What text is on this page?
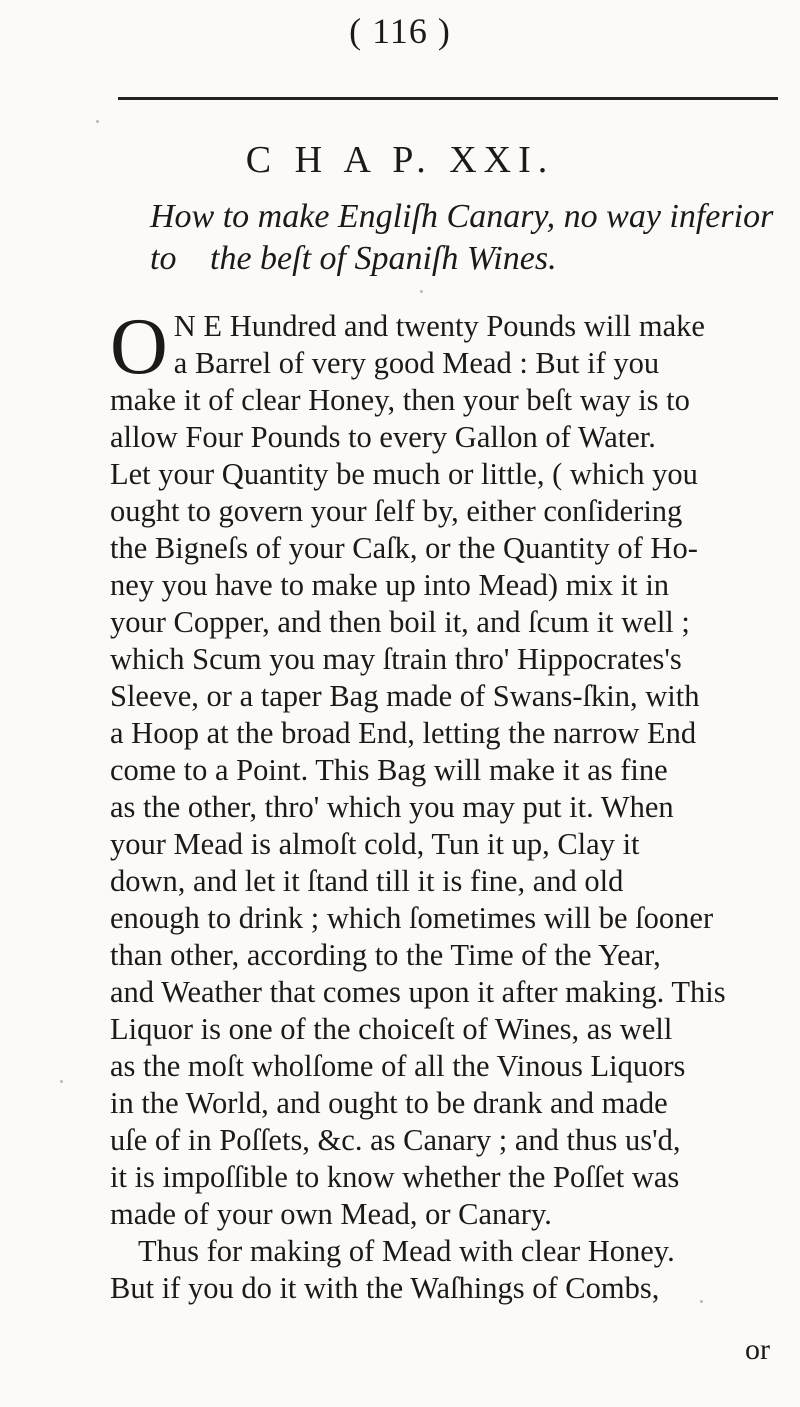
( 116 )
C H A P. XXI.
How to make Engliſh Canary, no way inferior to the beſt of Spaniſh Wines.

O N E Hundred and twenty Pounds will make
a Barrel of very good Mead : But if you
make it of clear Honey, then your beſt way is to
allow Four Pounds to every Gallon of Water.
Let your Quantity be much or little, ( which you
ought to govern your ſelf by, either conſidering
the Bigneſs of your Caſk, or the Quantity of Ho-
ney you have to make up into Mead) mix it in
your Copper, and then boil it, and ſcum it well ;
which Scum you may ſtrain thro' Hippocrates's
Sleeve, or a taper Bag made of Swans-ſkin, with
a Hoop at the broad End, letting the narrow End
come to a Point. This Bag will make it as fine
as the other, thro' which you may put it. When
your Mead is almoſt cold, Tun it up, Clay it
down, and let it ſtand till it is fine, and old
enough to drink ; which ſometimes will be ſooner
than other, according to the Time of the Year,
and Weather that comes upon it after making. This
Liquor is one of the choiceſt of Wines, as well
as the moſt wholſome of all the Vinous Liquors
in the World, and ought to be drank and made
uſe of in Poſſets, &c. as Canary ; and thus us'd,
it is impoſſible to know whether the Poſſet was
made of your own Mead, or Canary.

Thus for making of Mead with clear Honey.

But if you do it with the Waſhings of Combs,

or
